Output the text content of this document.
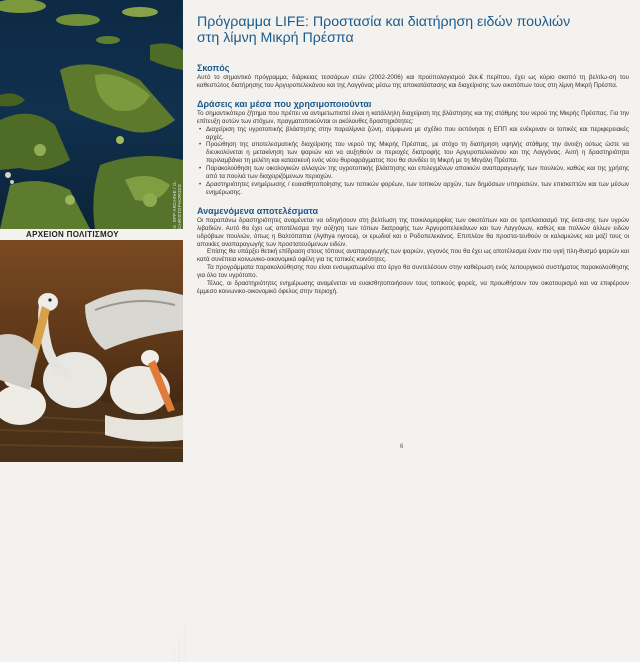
© SPP ARCHIVE / G. CHRISTOPHORIDIS
ΑΡΧΕΙΟΝ ΠΟΛΙΤΙΣΜΟΥ
© SPP ARCHIVE / G. CATSADORAKIS
Πρόγραμμα LIFE: Προστασία και διατήρηση ειδών πουλιών
στη λίμνη Μικρή Πρέσπα
Σκοπός

Αυτό το σημαντικό πρόγραμμα, διάρκειας τεσσάρων ετών (2002-2006) και προϋπολογισμού 2εκ.€ περίπου, έχει ως κύριο σκοπό τη βελτίω-ση του καθεστώτος διατήρησης του Αργυροπελεκάνου και της Λαγγόνας μέσω της αποκατάστασης και διαχείρισης των οικοτόπων τους στη λίμνη Μικρή Πρέσπα.

Δράσεις και μέσα που χρησιμοποιούνται

Το σημαντικότερο ζήτημα που πρέπει να αντιμετωπιστεί είναι η κατάλληλη διαχείριση της βλάστησης και της στάθμης του νερού της Μικρής Πρέσπας. Για την επίτευξη αυτών των στόχων, πραγματοποιούνται οι ακόλουθες δραστηριότητες:

• Διαχείριση της υγροτοπικής βλάστησης στην παραλίμνια ζώνη, σύμφωνα με σχέδιο που εκπόνησε η ΕΠΠ και ενέκριναν οι τοπικές και περιφερειακές αρχές.
• Προώθηση της αποτελεσματικής διαχείρισης του νερού της Μικρής Πρέσπας, με στόχο τη διατήρηση υψηλής στάθμης την άνοιξη ούτως ώστε να διευκολύνεται η μετακίνηση των ψαριών και να αυξηθούν οι περιοχές διατροφής του Αργυροπελεκάνου και της Λαγγόνας. Αυτή η δραστηριότητα περιλαμβάνει τη μελέτη και κατασκευή ενός νέου θυροφράγματος που θα συνδέει τη Μικρή με τη Μεγάλη Πρέσπα.
• Παρακολούθηση των οικολογικών αλλαγών της υγροτοπικής βλάστησης και επιλεγμένων αποικιών αναπαραγωγής των πουλιών, καθώς και της χρήσης από τα πουλιά των διαχειριζόμενων περιοχών.
• Δραστηριότητες ενημέρωσης / ευαισθητοποίησης των τοπικών φορέων, των τοπικών αρχών, των δημόσιων υπηρεσιών, των επισκεπτών και των μέσων ενημέρωσης.
Αναμενόμενα αποτελέσματα

Οι παραπάνω δραστηριότητες αναμένεται να οδηγήσουν στη βελτίωση της ποικιλομορφίας των οικοτόπων και σε τριπλασιασμό της έκτα-σης των υγρών λιβαδιών. Αυτό θα έχει ως αποτέλεσμα την αύξηση των τόπων διατροφής των Αργυροπελεκάνων και των Λαγγόνων, καθώς και πολλών άλλων ειδών υδρόβιων πουλιών, όπως η Βαλτόπαπια (Aythya nyroca), οι ερωδιοί και ο Ροδοπελεκάνος. Επιπλέον θα προστα-τευθούν οι καλαμιώνες και μαζί τους οι αποικίες αναπαραγωγής των προστατευόμενων ειδών.

Επίσης θα υπάρξει θετική επίδραση στους τόπους αναπαραγωγής των ψαριών, γεγονός που θα έχει ως αποτέλεσμα έναν πιο υγιή πλη-θυσμό ψαριών και κατά συνέπεια κοινωνικο-οικονομικά οφέλη για τις τοπικές κοινότητες.

Τα προγράμματα παρακολούθησης που είναι ενσωματωμένα στο έργο θα συντελέσουν στην καθιέρωση ενός λειτουργικού συστήματος παρακολούθησης για όλο τον υγρότοπο.

Τέλος, οι δραστηριότητες ενημέρωσης αναμένεται να ευαισθητοποιήσουν τους τοπικούς φορείς, να προωθήσουν τον οικοτουρισμό και να επιφέρουν έμμεσο κοινωνικο-οικονομικό όφελος στην περιοχή.

6
